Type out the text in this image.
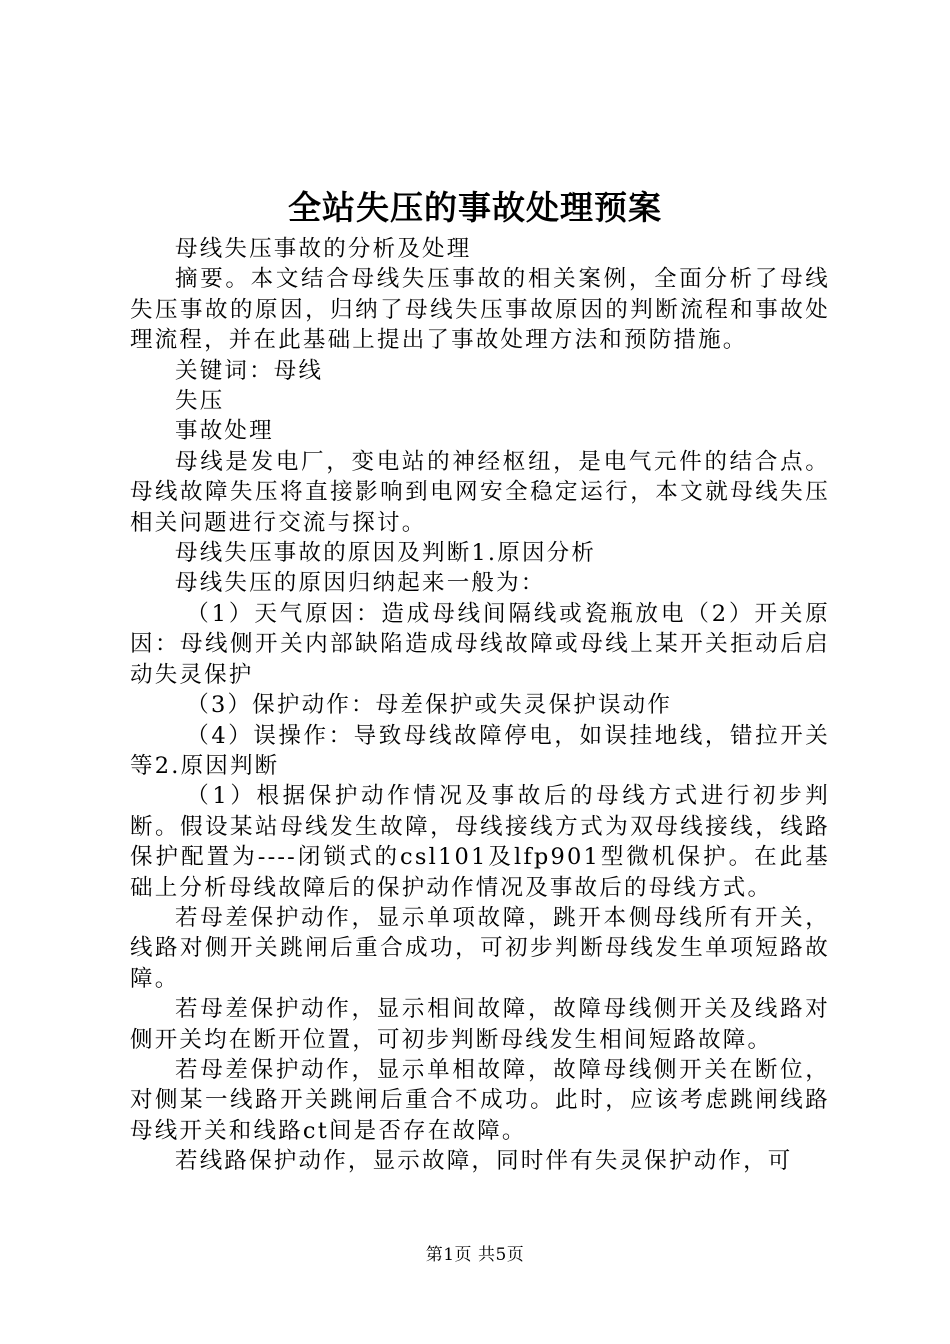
全站失压的事故处理预案

母线失压事故的分析及处理

摘要。本文结合母线失压事故的相关案例，全面分析了母线失压事故的原因，归纳了母线失压事故原因的判断流程和事故处理流程，并在此基础上提出了事故处理方法和预防措施。

关键词：母线

失压

事故处理

母线是发电厂，变电站的神经枢纽，是电气元件的结合点。母线故障失压将直接影响到电网安全稳定运行，本文就母线失压相关问题进行交流与探讨。

母线失压事故的原因及判断1.原因分析

母线失压的原因归纳起来一般为：

（1）天气原因：造成母线间隔线或瓷瓶放电（2）开关原因：母线侧开关内部缺陷造成母线故障或母线上某开关拒动后启动失灵保护

（3）保护动作：母差保护或失灵保护误动作

（4）误操作：导致母线故障停电，如误挂地线，错拉开关等2.原因判断

（1）根据保护动作情况及事故后的母线方式进行初步判断。假设某站母线发生故障，母线接线方式为双母线接线，线路保护配置为----闭锁式的csl101及lfp901型微机保护。在此基础上分析母线故障后的保护动作情况及事故后的母线方式。

若母差保护动作，显示单项故障，跳开本侧母线所有开关，线路对侧开关跳闸后重合成功，可初步判断母线发生单项短路故障。

若母差保护动作，显示相间故障，故障母线侧开关及线路对侧开关均在断开位置，可初步判断母线发生相间短路故障。

若母差保护动作，显示单相故障，故障母线侧开关在断位，对侧某一线路开关跳闸后重合不成功。此时，应该考虑跳闸线路母线开关和线路ct间是否存在故障。

若线路保护动作，显示故障，同时伴有失灵保护动作，可

第1页 共5页
